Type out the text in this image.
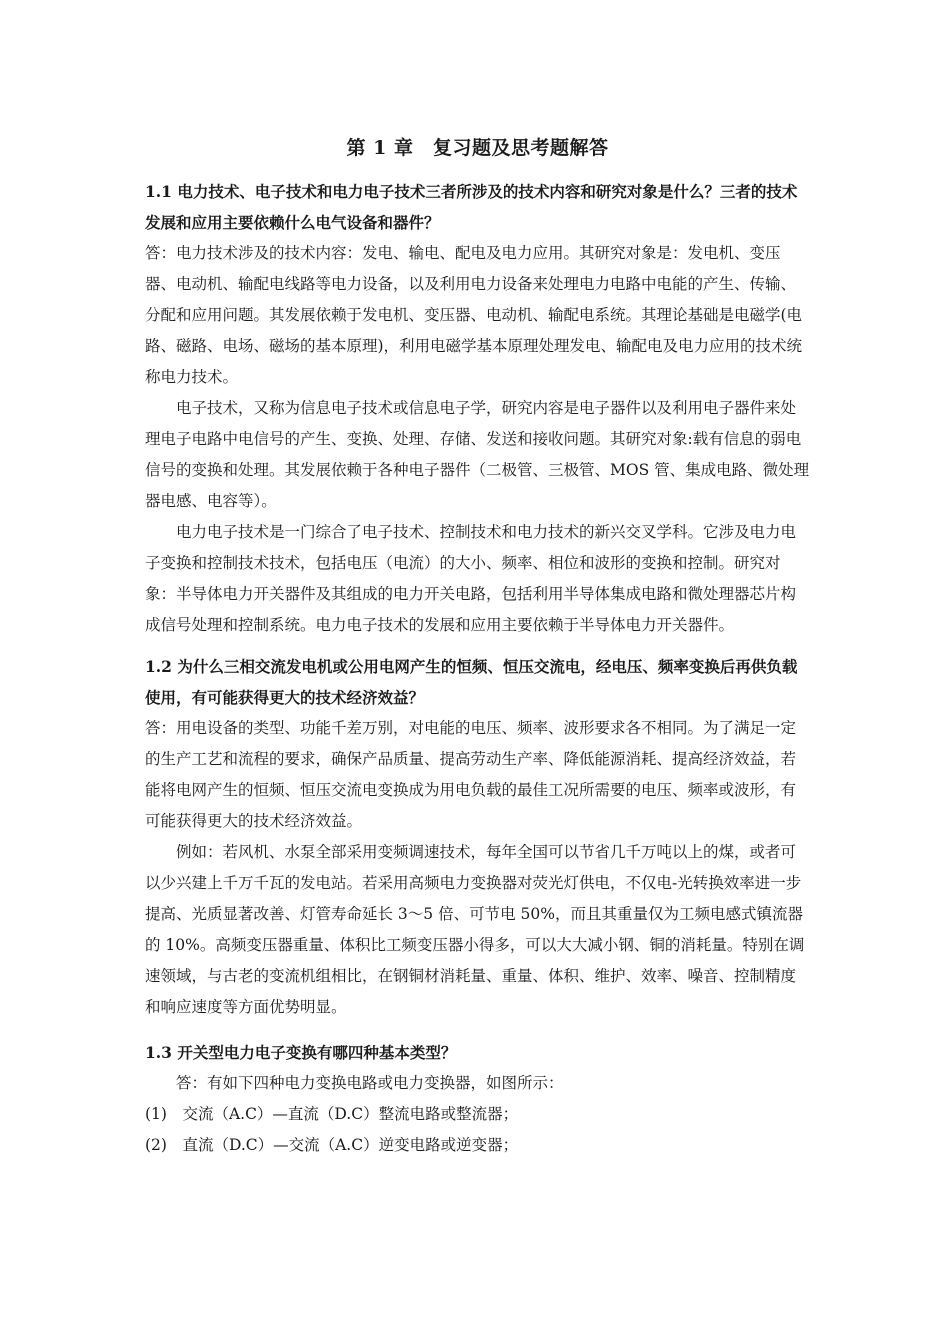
第 1 章　复习题及思考题解答

1.1 电力技术、电子技术和电力电子技术三者所涉及的技术内容和研究对象是什么？三者的技术发展和应用主要依赖什么电气设备和器件？

答：电力技术涉及的技术内容：发电、输电、配电及电力应用。其研究对象是：发电机、变压器、电动机、输配电线路等电力设备，以及利用电力设备来处理电力电路中电能的产生、传输、分配和应用问题。其发展依赖于发电机、变压器、电动机、输配电系统。其理论基础是电磁学(电路、磁路、电场、磁场的基本原理)，利用电磁学基本原理处理发电、输配电及电力应用的技术统称电力技术。

电子技术，又称为信息电子技术或信息电子学，研究内容是电子器件以及利用电子器件来处理电子电路中电信号的产生、变换、处理、存储、发送和接收问题。其研究对象:载有信息的弱电信号的变换和处理。其发展依赖于各种电子器件（二极管、三极管、MOS 管、集成电路、微处理器电感、电容等）。

电力电子技术是一门综合了电子技术、控制技术和电力技术的新兴交叉学科。它涉及电力电子变换和控制技术技术，包括电压（电流）的大小、频率、相位和波形的变换和控制。研究对象：半导体电力开关器件及其组成的电力开关电路，包括利用半导体集成电路和微处理器芯片构成信号处理和控制系统。电力电子技术的发展和应用主要依赖于半导体电力开关器件。

1.2 为什么三相交流发电机或公用电网产生的恒频、恒压交流电，经电压、频率变换后再供负载使用，有可能获得更大的技术经济效益？

答：用电设备的类型、功能千差万别，对电能的电压、频率、波形要求各不相同。为了满足一定的生产工艺和流程的要求，确保产品质量、提高劳动生产率、降低能源消耗、提高经济效益，若能将电网产生的恒频、恒压交流电变换成为用电负载的最佳工况所需要的电压、频率或波形，有可能获得更大的技术经济效益。

例如：若风机、水泵全部采用变频调速技术，每年全国可以节省几千万吨以上的煤，或者可以少兴建上千万千瓦的发电站。若采用高频电力变换器对荧光灯供电，不仅电-光转换效率进一步提高、光质显著改善、灯管寿命延长 3～5 倍、可节电 50%，而且其重量仅为工频电感式镇流器的 10%。高频变压器重量、体积比工频变压器小得多，可以大大减小钢、铜的消耗量。特别在调速领域，与古老的变流机组相比，在钢铜材消耗量、重量、体积、维护、效率、噪音、控制精度和响应速度等方面优势明显。

1.3 开关型电力电子变换有哪四种基本类型？

答：有如下四种电力变换电路或电力变换器，如图所示：

(1)　交流（A.C）—直流（D.C）整流电路或整流器；

(2)　直流（D.C）—交流（A.C）逆变电路或逆变器；
